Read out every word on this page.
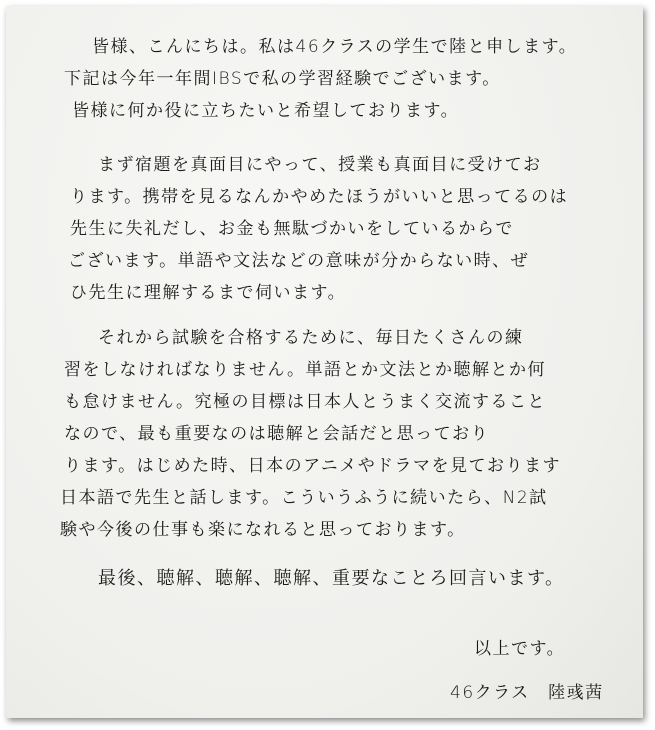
皆様、こんにちは。私は46クラスの学生で陸と申します。
下記は今年一年間IBSで私の学習経験でございます。
皆様に何か役に立ちたいと希望しております。
まず宿題を真面目にやって、授業も真面目に受けてお
ります。携帯を見るなんかやめたほうがいいと思ってるのは
先生に失礼だし、お金も無駄づかいをしているからで
ございます。単語や文法などの意味が分からない時、ぜ
ひ先生に理解するまで伺います。
それから試験を合格するために、毎日たくさんの練
習をしなければなりません。単語とか文法とか聴解とか何
も怠けません。究極の目標は日本人とうまく交流すること
なので、最も重要なのは聴解と会話だと思っており
ります。はじめた時、日本のアニメやドラマを見ております
日本語で先生と話します。こういうふうに続いたら、N2試
験や今後の仕事も楽になれると思っております。
最後、聴解、聴解、聴解、重要なことろ回言います。
以上です。
46クラス　陸彧茜
